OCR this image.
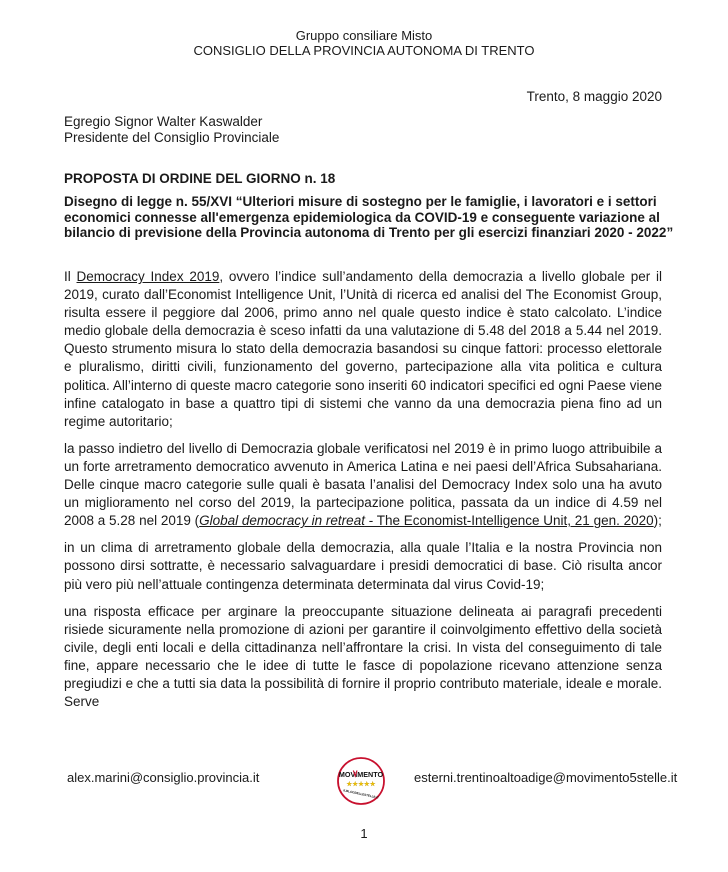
Gruppo consiliare Misto
CONSIGLIO DELLA PROVINCIA AUTONOMA DI TRENTO
Trento, 8 maggio 2020
Egregio Signor Walter Kaswalder
Presidente del Consiglio Provinciale
PROPOSTA DI ORDINE DEL GIORNO n. 18
Disegno di legge n. 55/XVI “Ulteriori misure di sostegno per le famiglie, i lavoratori e i settori economici connesse all'emergenza epidemiologica da COVID-19 e conseguente variazione al bilancio di previsione della Provincia autonoma di Trento per gli esercizi finanziari 2020 - 2022”

Il Democracy Index 2019, ovvero l’indice sull’andamento della democrazia a livello globale per il 2019, curato dall’Economist Intelligence Unit, l’Unità di ricerca ed analisi del The Economist Group, risulta essere il peggiore dal 2006, primo anno nel quale questo indice è stato calcolato. L’indice medio globale della democrazia è sceso infatti da una valutazione di 5.48 del 2018 a 5.44 nel 2019. Questo strumento misura lo stato della democrazia basandosi su cinque fattori: processo elettorale e pluralismo, diritti civili, funzionamento del governo, partecipazione alla vita politica e cultura politica. All’interno di queste macro categorie sono inseriti 60 indicatori specifici ed ogni Paese viene infine catalogato in base a quattro tipi di sistemi che vanno da una democrazia piena fino ad un regime autoritario;

la passo indietro del livello di Democrazia globale verificatosi nel 2019 è in primo luogo attribuibile a un forte arretramento democratico avvenuto in America Latina e nei paesi dell’Africa Subsahariana. Delle cinque macro categorie sulle quali è basata l’analisi del Democracy Index solo una ha avuto un miglioramento nel corso del 2019, la partecipazione politica, passata da un indice di 4.59 nel 2008 a 5.28 nel 2019 (Global democracy in retreat - The Economist-Intelligence Unit, 21 gen. 2020);

in un clima di arretramento globale della democrazia, alla quale l’Italia e la nostra Provincia non possono dirsi sottratte, è necessario salvaguardare i presidi democratici di base. Ciò risulta ancor più vero più nell’attuale contingenza determinata determinata dal virus Covid-19;

una risposta efficace per arginare la preoccupante situazione delineata ai paragrafi precedenti risiede sicuramente nella promozione di azioni per garantire il coinvolgimento effettivo della società civile, degli enti locali e della cittadinanza nell’affrontare la crisi. In vista del conseguimento di tale fine, appare necessario che le idee di tutte le fasce di popolazione ricevano attenzione senza pregiudizi e che a tutti sia data la possibilità di fornire il proprio contributo materiale, ideale e morale. Serve

alex.marini@consiglio.provincia.it	MOVIMENTO
★★★★★
ILBLOGDELLESTELLE.IT
esterni.trentinoaltoadige@movimento5stelle.it
1
